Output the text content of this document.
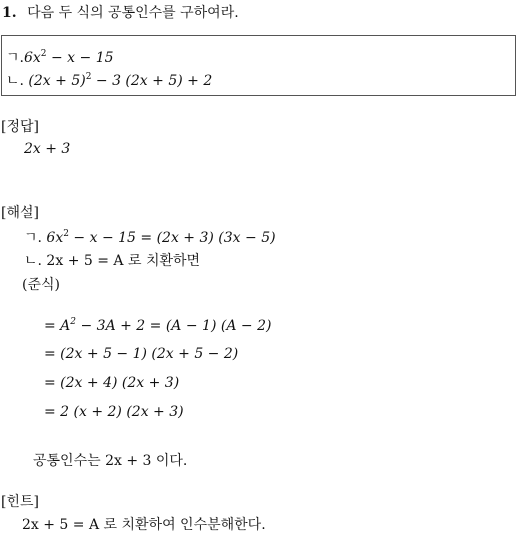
1. 다음 두 식의 공통인수를 구하여라.
ㄱ$.6x^2 - x - 15$
ㄴ. $(2x + 5)^2 - 3$ (2x + 5) + 2
[정답]
2x + 3
[해설]
ㄱ. $6x^2 - x - 15 = (2x + 3) (3x - 5)$
ㄴ. 2x + 5 = A 로 치환하면
(준식)
= $A^2 - 3A + 2 = (A - 1) (A - 2)$
= (2x + 5 − 1) (2x + 5 − 2)
= (2x + 4) (2x + 3)
= 2 (x + 2) (2x + 3)
공통인수는 2x + 3 이다.
[힌트]
2x + 5 = A 로 치환하여 인수분해한다.
